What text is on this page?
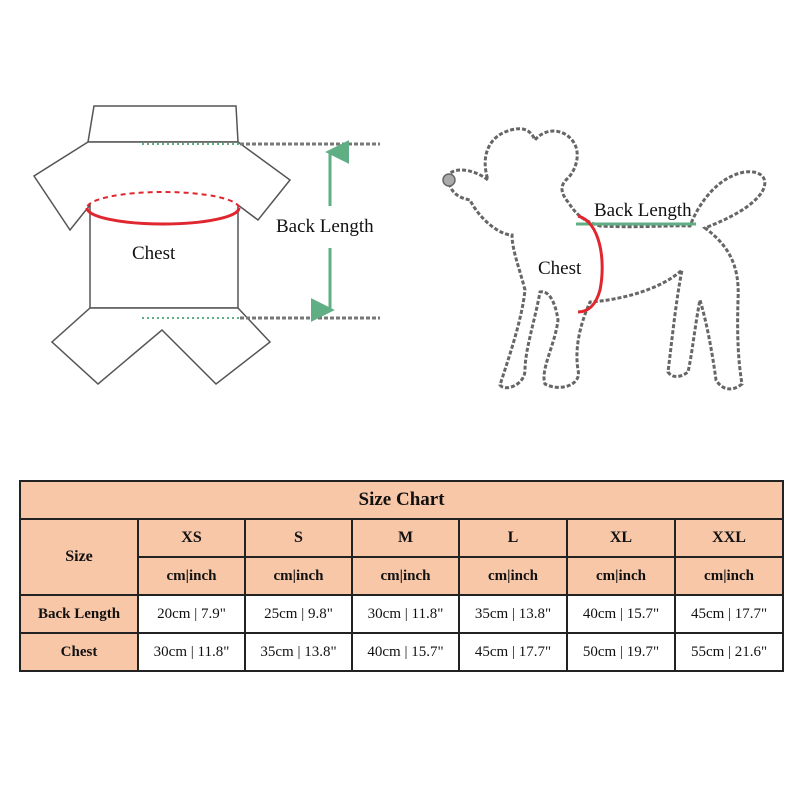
Chest
Back Length
Back Length
Chest
Size Chart						
Size	XS	S	M	L	XL	XXL
	cm|inch	cm|inch	cm|inch	cm|inch	cm|inch	cm|inch
Back Length	20cm | 7.9"	25cm | 9.8"	30cm | 11.8"	35cm | 13.8"	40cm | 15.7"	45cm | 17.7"
Chest	30cm | 11.8"	35cm | 13.8"	40cm | 15.7"	45cm | 17.7"	50cm | 19.7"	55cm | 21.6"
